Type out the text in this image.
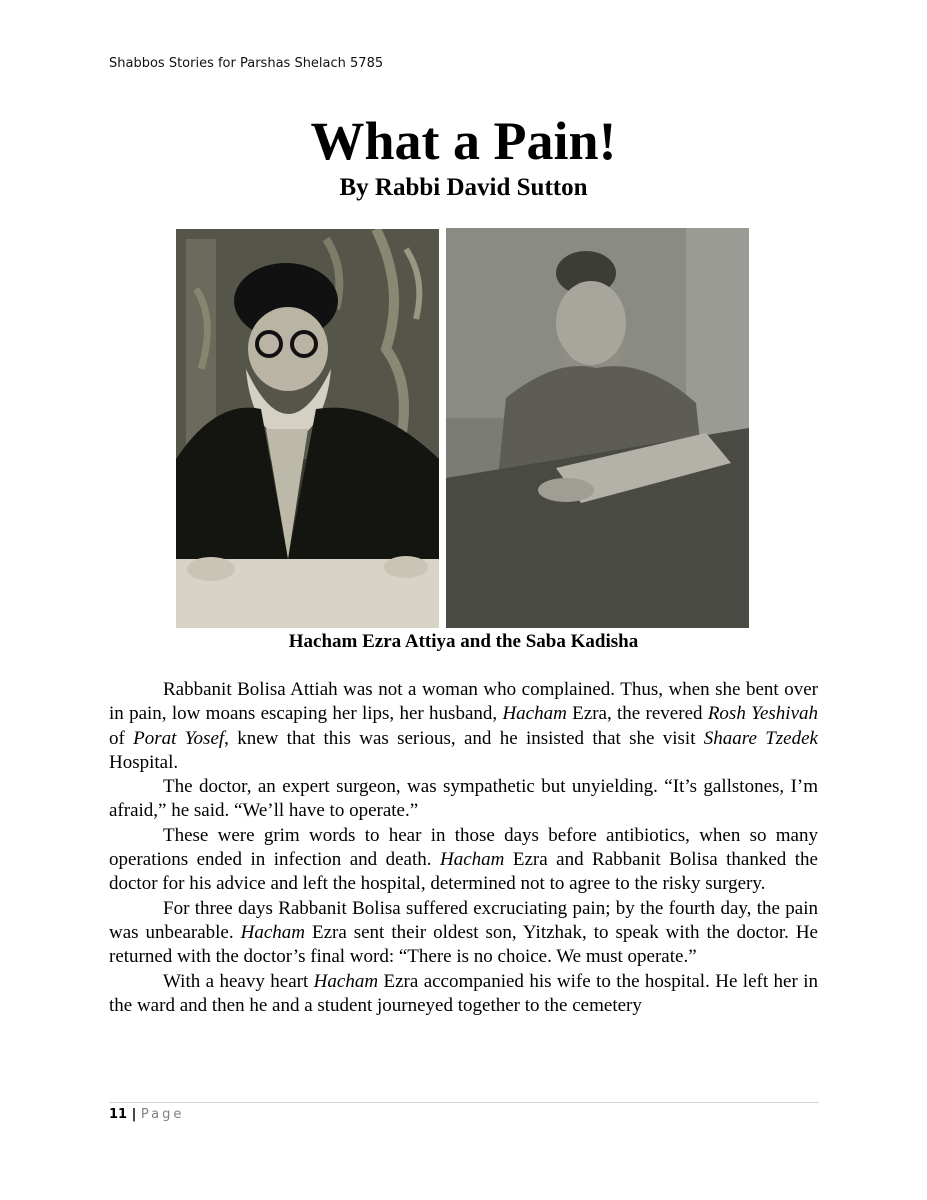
Shabbos Stories for Parshas Shelach 5785
What a Pain!
By Rabbi David Sutton
Hacham Ezra Attiya and the Saba Kadisha

Rabbanit Bolisa Attiah was not a woman who complained. Thus, when she bent over in pain, low moans escaping her lips, her husband, Hacham Ezra, the revered Rosh Yeshivah of Porat Yosef, knew that this was serious, and he insisted that she visit Shaare Tzedek Hospital.

The doctor, an expert surgeon, was sympathetic but unyielding. “It’s gallstones, I’m afraid,” he said. “We’ll have to operate.”

These were grim words to hear in those days before antibiotics, when so many operations ended in infection and death. Hacham Ezra and Rabbanit Bolisa thanked the doctor for his advice and left the hospital, determined not to agree to the risky surgery.

For three days Rabbanit Bolisa suffered excruciating pain; by the fourth day, the pain was unbearable. Hacham Ezra sent their oldest son, Yitzhak, to speak with the doctor. He returned with the doctor’s final word: “There is no choice. We must operate.”

With a heavy heart Hacham Ezra accompanied his wife to the hospital. He left her in the ward and then he and a student journeyed together to the cemetery

11 | Page
